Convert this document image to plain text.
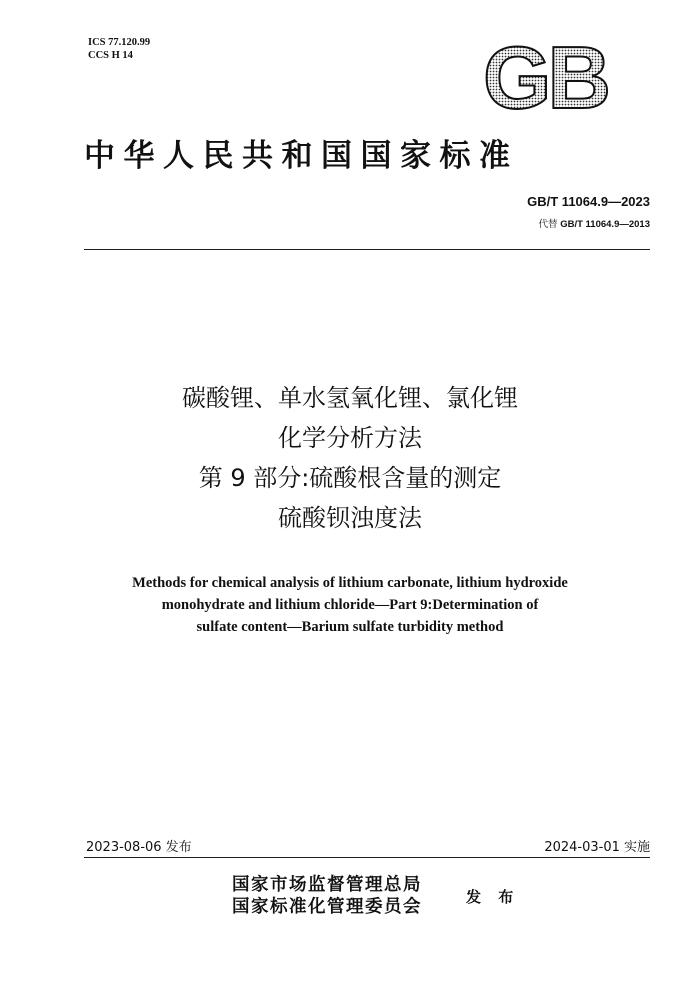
ICS 77.120.99
CCS H 14	GB
中华人民共和国国家标准
GB/T 11064.9—2023
代替 GB/T 11064.9—2013
碳酸锂、单水氢氧化锂、氯化锂
化学分析方法
第 9 部分:硫酸根含量的测定
硫酸钡浊度法
Methods for chemical analysis of lithium carbonate, lithium hydroxide
monohydrate and lithium chloride—Part 9:Determination of
sulfate content—Barium sulfate turbidity method
2023-08-06 发布	2024-03-01 实施
国家市场监督管理总局
国家标准化管理委员会	发 布
